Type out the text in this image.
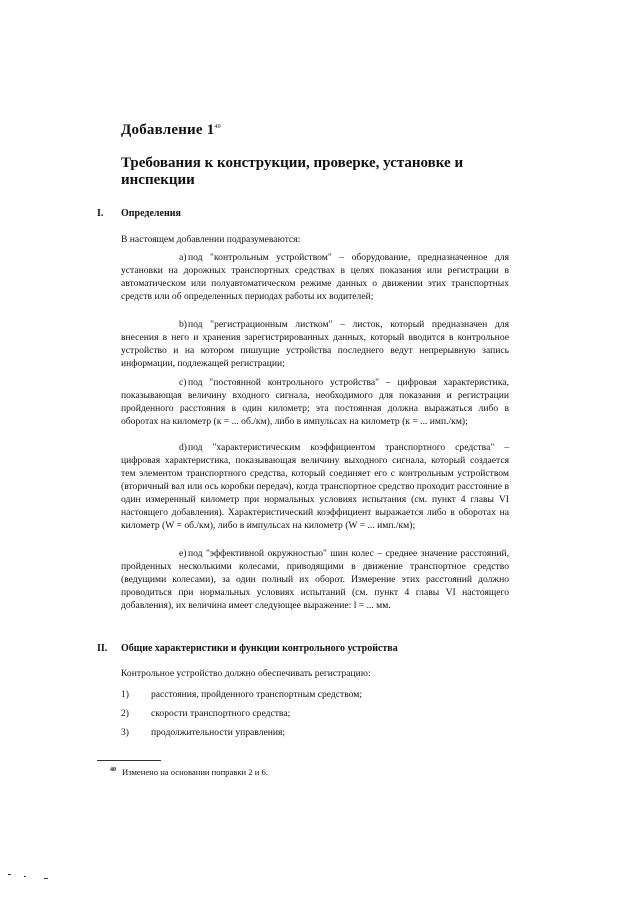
Добавление $1^{40}$
Требования к конструкции, проверке, установке и инспекции
I. Определения
В настоящем добавлении подразумеваются:
a) под "контрольным устройством" – оборудование, предназначенное для установки на дорожных транспортных средствах в целях показания или регистрации в автоматическом или полуавтоматическом режиме данных о движении этих транспортных средств или об определенных периодах работы их водителей;
b)под "регистрационным листком" – листок, который предназначен для внесения в него и хранения зарегистрированных данных, который вводится в контрольное устройство и на котором пишущие устройства последнего ведут непрерывную запись информации, подлежащей регистрации;
c) под "постоянной контрольного устройства" – цифровая характеристика, показывающая величину входного сигнала, необходимого для показания и регистрации пройденного расстояния в один километр; эта постоянная должна выражаться либо в оборотах на километр (к = ... об./км), либо в импульсах на километр (к = ... имп./км);
d)под "характеристическим коэффициентом транспортного средства" – цифровая характеристика, показывающая величину выходного сигнала, который создается тем элементом транспортного средства, который соединяет его с контрольным устройством (вторичный вал или ось коробки передач), когда транспортное средство проходит расстояние в один измеренный километр при нормальных условиях испытания (см. пункт 4 главы VI настоящего добавления). Характеристический коэффициент выражается либо в оборотах на километр (W = об./км), либо в импульсах на километр (W = ... имп./км);
e) под "эффективной окружностью" шин колес – среднее значение расстояний, пройденных несколькими колесами, приводящими в движение транспортное средство (ведущими колесами), за один полный их оборот. Измерение этих расстояний должно проводиться при нормальных условиях испытаний (см. пункт 4 главы VI настоящего добавления), их величина имеет следующее выражение: l = ... мм.
II. Общие характеристики и функции контрольного устройства
Контрольное устройство должно обеспечивать регистрацию:
1) расстояния, пройденного транспортным средством;
2) скорости транспортного средства;
3) продолжительности управления;
$^{40}$ Изменено на основании поправки 2 и 6.
